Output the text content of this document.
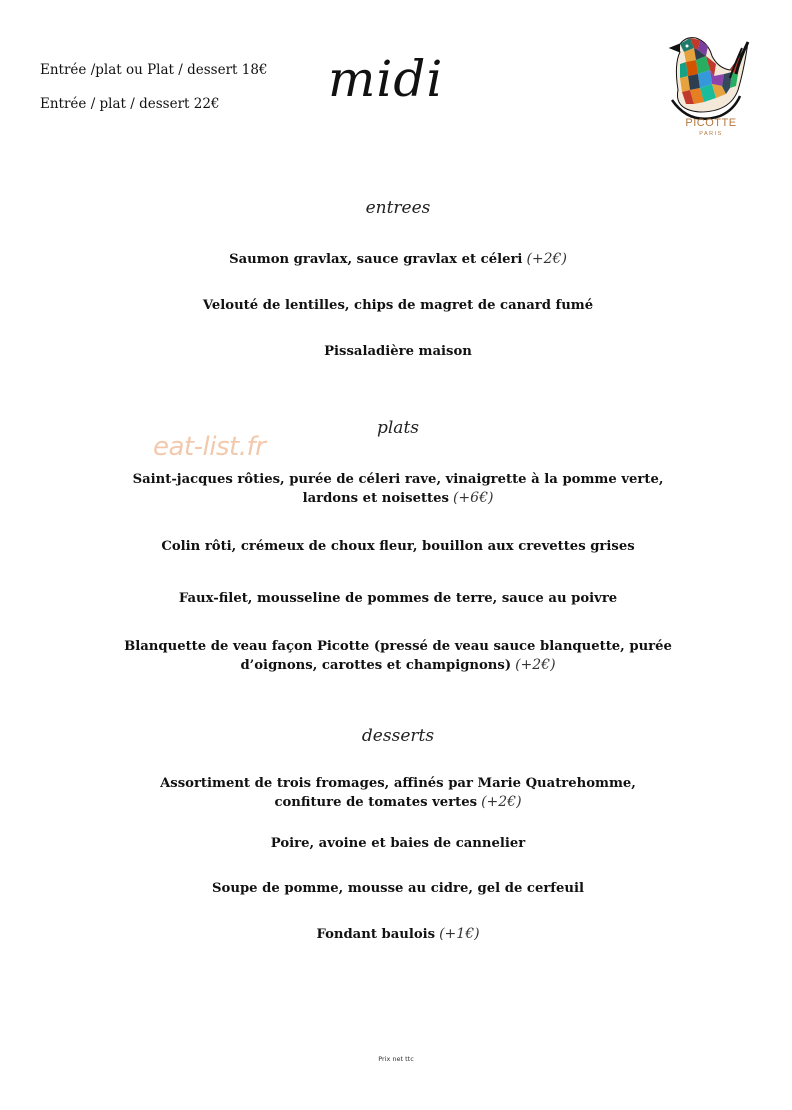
Entrée /plat ou Plat / dessert 18€
Entrée / plat / dessert 22€ midi
PICOTTE
PARIS
entrees
Saumon gravlax, sauce gravlax et céleri (+2€)
Velouté de lentilles, chips de magret de canard fumé
Pissaladière maison
plats
eat-list.fr
Saint-jacques rôties, purée de céleri rave, vinaigrette à la pomme verte,
lardons et noisettes (+6€)
Colin rôti, crémeux de choux fleur, bouillon aux crevettes grises
Faux-filet, mousseline de pommes de terre, sauce au poivre
Blanquette de veau façon Picotte (pressé de veau sauce blanquette, purée
d’oignons, carottes et champignons) (+2€)
desserts
Assortiment de trois fromages, affinés par Marie Quatrehomme,
confiture de tomates vertes (+2€)
Poire, avoine et baies de cannelier
Soupe de pomme, mousse au cidre, gel de cerfeuil
Fondant baulois (+1€)
Prix net ttc
